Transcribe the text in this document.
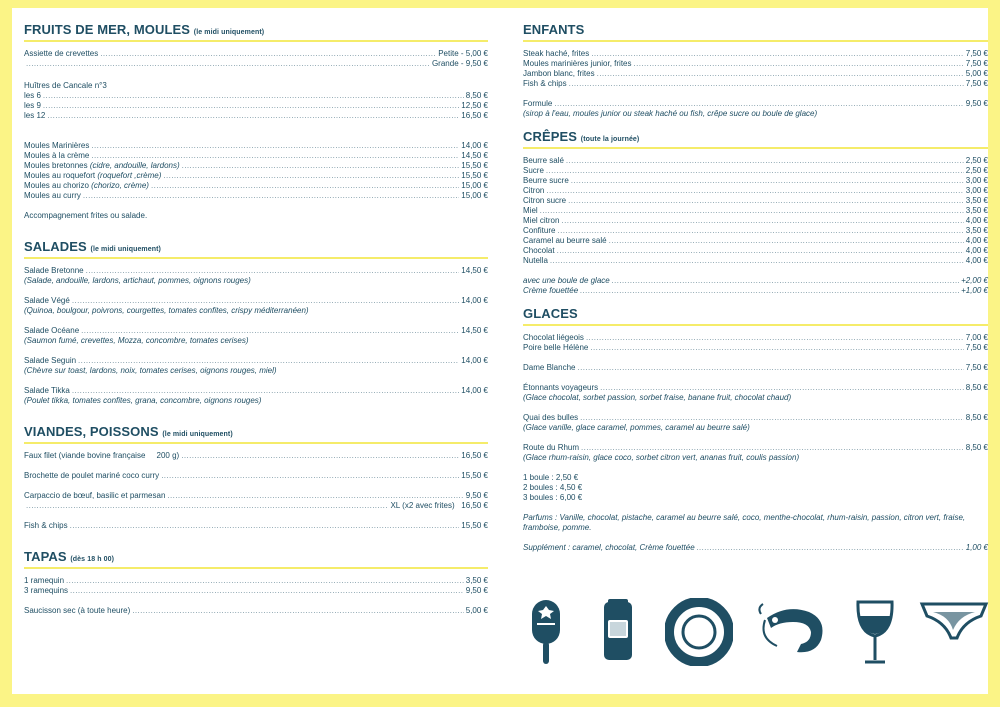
FRUITS DE MER, MOULES (le midi uniquement)
Assiette de crevettes .....	Petite - 5,00 €
.....
Grande - 9,50 €
Huîtres de Cancale n°3
les 6 .....	8,50 €
les 9 .....	12,50 €
les 12 .....	16,50 €
Moules Marinières .....	14,00 €
Moules à la crème .....	14,50 €
Moules bretonnes (cidre, andouille, lardons) .....	15,50 €
Moules au roquefort (roquefort ,crème) .....	15,50 €
Moules au chorizo (chorizo, crème) .....	15,00 €
Moules au curry .....	15,00 €
Accompagnement frites ou salade.
SALADES (le midi uniquement)
Salade Bretonne .....	14,50 €
(Salade, andouille, lardons, artichaut, pommes, oignons rouges)
Salade Végé .....	14,00 €
(Quinoa, boulgour, poivrons, courgettes, tomates confites, crispy méditerranéen)
Salade Océane .....	14,50 €
(Saumon fumé, crevettes, Mozza, concombre, tomates cerises)
Salade Seguin .....	14,00 €
(Chèvre sur toast, lardons, noix, tomates cerises, oignons rouges, miel)
Salade Tikka .....	14,00 €
(Poulet tikka, tomates confites, grana, concombre, oignons rouges)
VIANDES, POISSONS (le midi uniquement)
Faux filet (viande bovine française     200 g) .....	16,50 €
Brochette de poulet mariné coco curry .....	15,50 €
Carpaccio de bœuf, basilic et parmesan .....	9,50 €
.....
XL (x2 avec frites) 16,50 €
Fish & chips .....	15,50 €
TAPAS (dès 18 h 00)
1 ramequin .....	3,50 €
3 ramequins .....	9,50 €
Saucisson sec (à toute heure) .....	5,00 €
ENFANTS
Steak haché, frites .....	7,50 €
Moules marinières junior, frites .....	7,50 €
Jambon blanc, frites .....	5,00 €
Fish & chips .....	7,50 €
Formule .....	9,50 €
(sirop à l'eau, moules junior ou steak haché ou fish, crêpe sucre ou boule de glace)
CRÊPES (toute la journée)
Beurre salé .....	2,50 €
Sucre .....	2,50 €
Beurre sucre .....	3,00 €
Citron .....	3,00 €
Citron sucre .....	3,50 €
Miel .....	3,50 €
Miel citron .....	4,00 €
Confiture .....	3,50 €
Caramel au beurre salé .....	4,00 €
Chocolat .....	4,00 €
Nutella .....	4,00 €
avec une boule de glace .....	+2,00 €
Crème fouettée .....	+1,00 €
GLACES
Chocolat liégeois .....	7,00 €
Poire belle Hélène .....	7,50 €
Dame Blanche .....	7,50 €
Étonnants voyageurs .....	8,50 €
(Glace chocolat, sorbet passion, sorbet fraise, banane fruit, chocolat chaud)
Quai des bulles .....	8,50 €
(Glace vanille, glace caramel, pommes, caramel au beurre salé)
Route du Rhum .....	8,50 €
(Glace rhum-raisin, glace coco, sorbet citron vert, ananas fruit, coulis passion)
1 boule : 2,50 €
2 boules : 4,50 €
3 boules : 6,00 €
Parfums : Vanille, chocolat, pistache, caramel au beurre salé, coco, menthe-chocolat, rhum-raisin, passion, citron vert, fraise, framboise, pomme.
Supplément : caramel, chocolat, Crème fouettée .....	1,00 €
